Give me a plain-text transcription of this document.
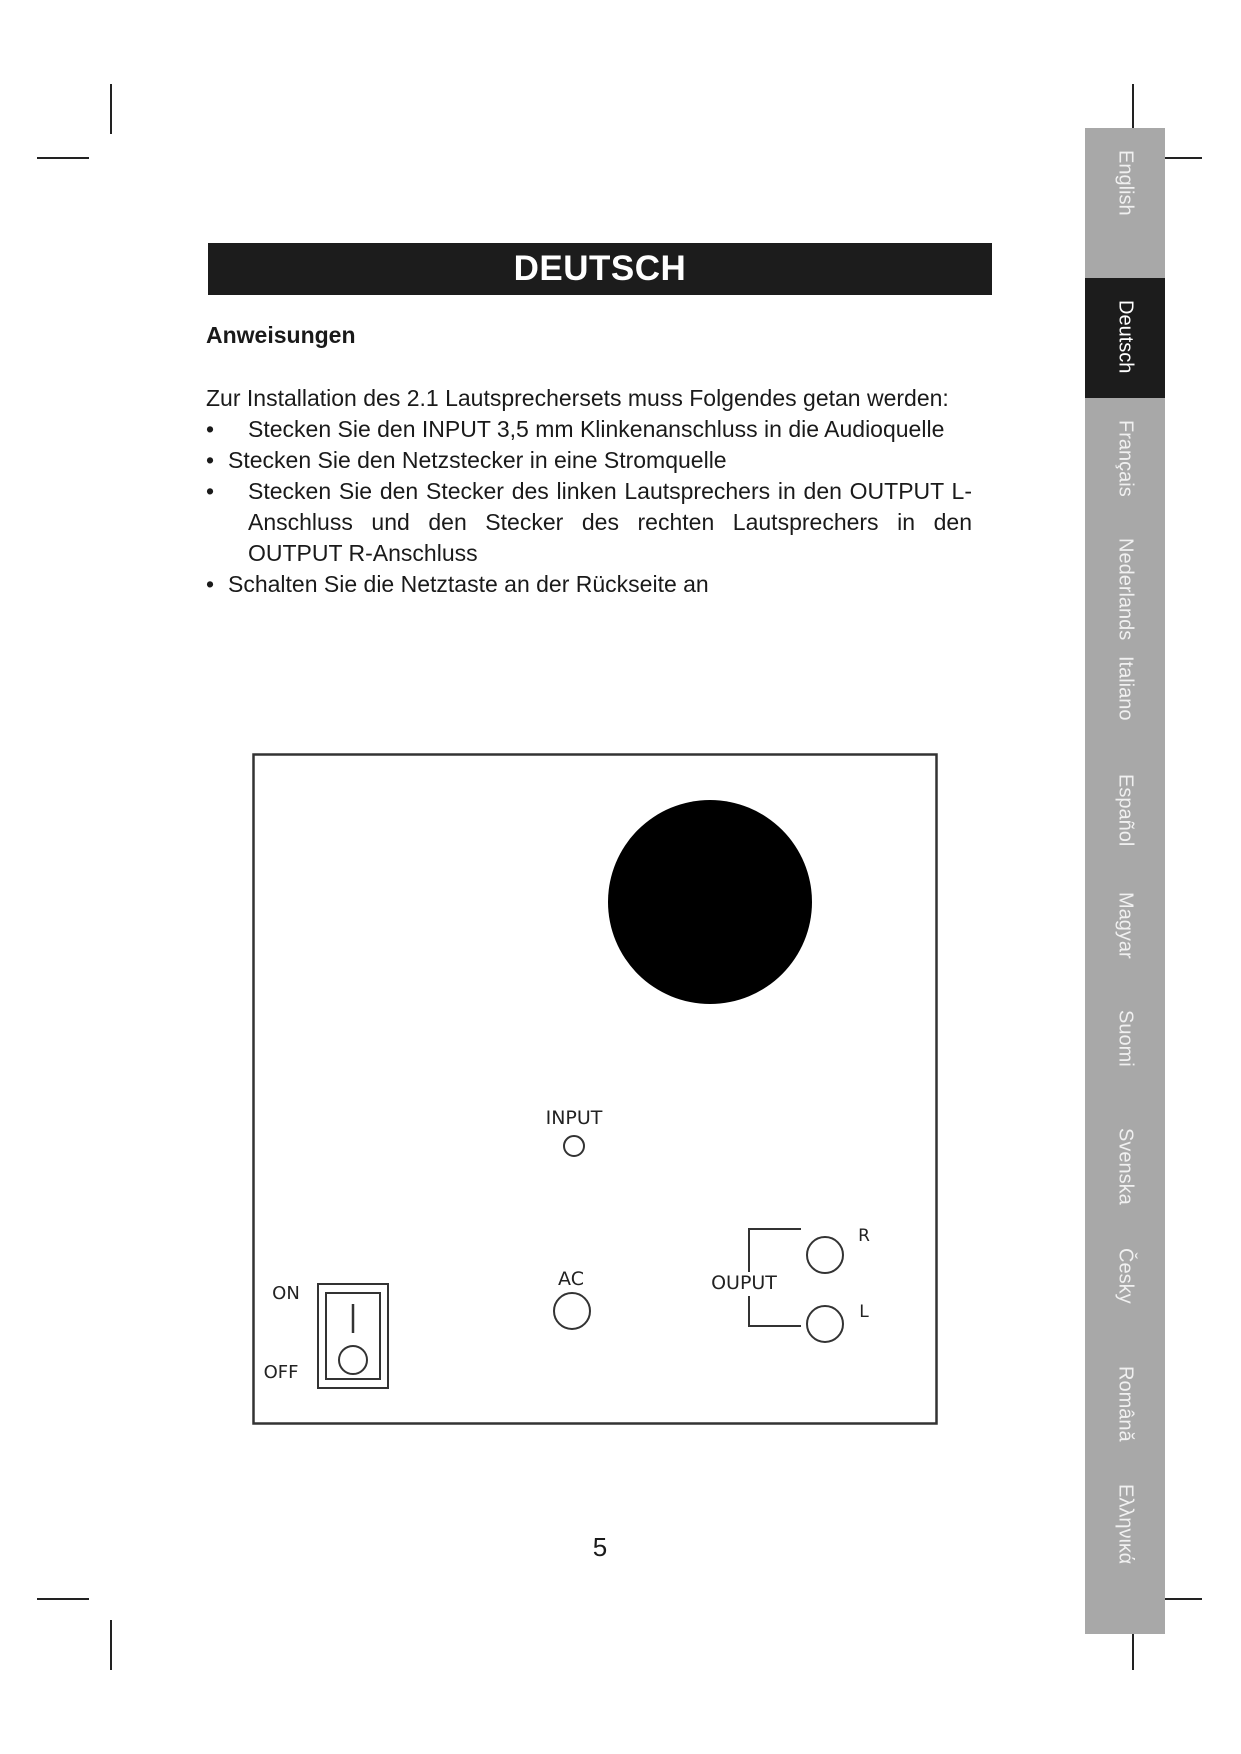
DEUTSCH
Anweisungen
Zur Installation des 2.1 Lautsprechersets muss Folgendes getan werden:
• Stecken Sie den INPUT 3,5 mm Klinkenanschluss in die Audioquelle
• Stecken Sie den Netzstecker in eine Stromquelle
• Stecken Sie den Stecker des linken Lautsprechers in den OUTPUT L-Anschluss und den Stecker des rechten Lautsprechers in den OUTPUT R-Anschluss
• Schalten Sie die Netztaste an der Rückseite an
INPUT
AC	OUPUT
R
L
ON
OFF
English
Deutsch
Français
Nederlands
Italiano
Español
Magyar
Suomi
Svenska
Česky
Română
Ελληνικά
5
